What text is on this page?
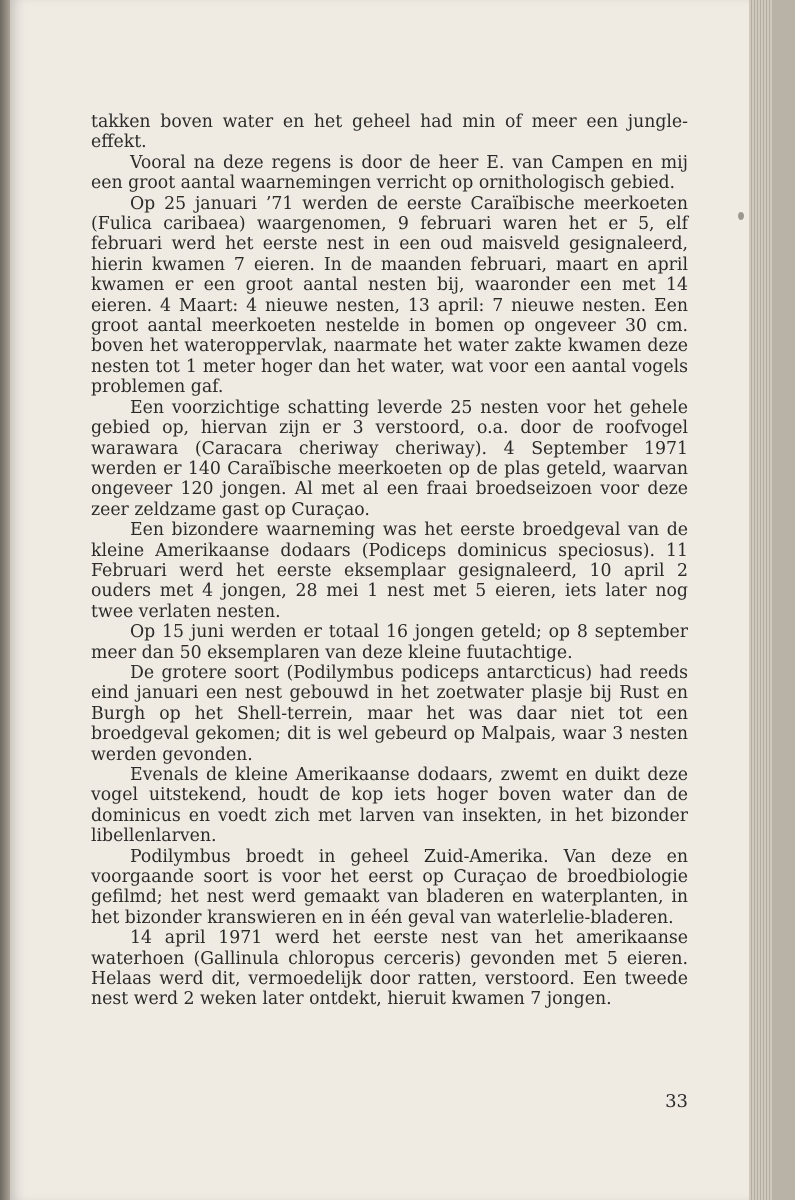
takken boven water en het geheel had min of meer een jungle-effekt.

Vooral na deze regens is door de heer E. van Campen en mij een groot aantal waarnemingen verricht op ornithologisch gebied.

Op 25 januari ’71 werden de eerste Caraïbische meerkoeten (Fulica caribaea) waargenomen, 9 februari waren het er 5, elf februari werd het eerste nest in een oud maisveld gesignaleerd, hierin kwamen 7 eieren. In de maanden februari, maart en april kwamen er een groot aantal nesten bij, waaronder een met 14 eieren. 4 Maart: 4 nieuwe nesten, 13 april: 7 nieuwe nesten. Een groot aantal meerkoeten nestelde in bomen op ongeveer 30 cm. boven het wateroppervlak, naarmate het water zakte kwamen deze nesten tot 1 meter hoger dan het water, wat voor een aantal vogels problemen gaf.

Een voorzichtige schatting leverde 25 nesten voor het gehele gebied op, hiervan zijn er 3 verstoord, o.a. door de roofvogel warawara (Caracara cheriway cheriway). 4 September 1971 werden er 140 Caraïbische meerkoeten op de plas geteld, waarvan ongeveer 120 jongen. Al met al een fraai broedseizoen voor deze zeer zeldzame gast op Curaçao.

Een bizondere waarneming was het eerste broedgeval van de kleine Amerikaanse dodaars (Podiceps dominicus speciosus). 11 Februari werd het eerste eksemplaar gesignaleerd, 10 april 2 ouders met 4 jongen, 28 mei 1 nest met 5 eieren, iets later nog twee verlaten nesten.

Op 15 juni werden er totaal 16 jongen geteld; op 8 september meer dan 50 eksemplaren van deze kleine fuutachtige.

De grotere soort (Podilymbus podiceps antarcticus) had reeds eind januari een nest gebouwd in het zoetwater plasje bij Rust en Burgh op het Shell-terrein, maar het was daar niet tot een broedgeval gekomen; dit is wel gebeurd op Malpais, waar 3 nesten werden gevonden.

Evenals de kleine Amerikaanse dodaars, zwemt en duikt deze vogel uitstekend, houdt de kop iets hoger boven water dan de dominicus en voedt zich met larven van insekten, in het bizonder libellenlarven.

Podilymbus broedt in geheel Zuid-Amerika. Van deze en voorgaande soort is voor het eerst op Curaçao de broedbiologie gefilmd; het nest werd gemaakt van bladeren en waterplanten, in het bizonder kranswieren en in één geval van waterlelie-bladeren.

14 april 1971 werd het eerste nest van het amerikaanse waterhoen (Gallinula chloropus cerceris) gevonden met 5 eieren. Helaas werd dit, vermoedelijk door ratten, verstoord. Een tweede nest werd 2 weken later ontdekt, hieruit kwamen 7 jongen.

33
